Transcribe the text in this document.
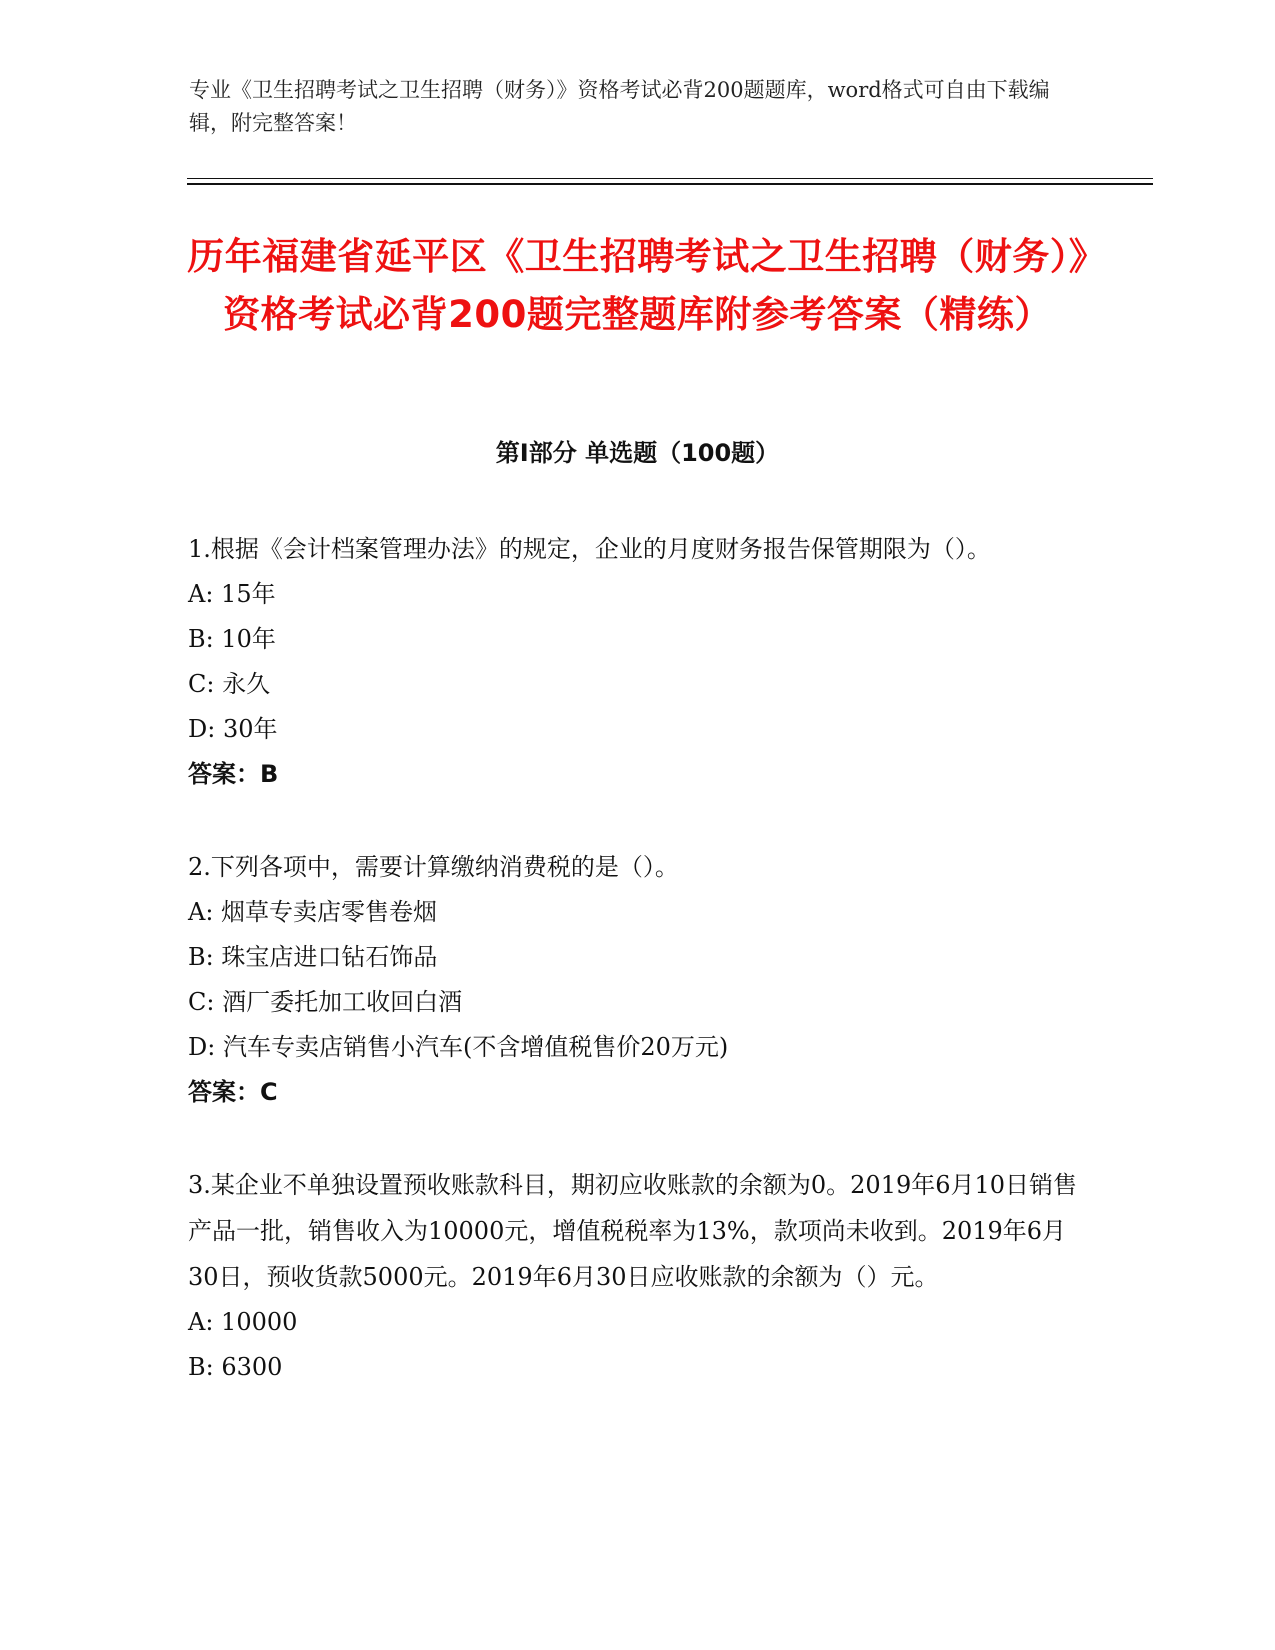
专业《卫生招聘考试之卫生招聘（财务）》资格考试必背200题题库，word格式可自由下载编辑，附完整答案！
历年福建省延平区《卫生招聘考试之卫生招聘（财务）》资格考试必背200题完整题库附参考答案（精练）
第I部分 单选题（100题）
1.根据《会计档案管理办法》的规定，企业的月度财务报告保管期限为（）。
A: 15年
B: 10年
C: 永久
D: 30年
答案：B
2.下列各项中，需要计算缴纳消费税的是（）。
A: 烟草专卖店零售卷烟
B: 珠宝店进口钻石饰品
C: 酒厂委托加工收回白酒
D: 汽车专卖店销售小汽车(不含增值税售价20万元)
答案：C
3.某企业不单独设置预收账款科目，期初应收账款的余额为0。2019年6月10日销售产品一批，销售收入为10000元，增值税税率为13%，款项尚未收到。2019年6月30日，预收货款5000元。2019年6月30日应收账款的余额为（）元。
A: 10000
B: 6300
